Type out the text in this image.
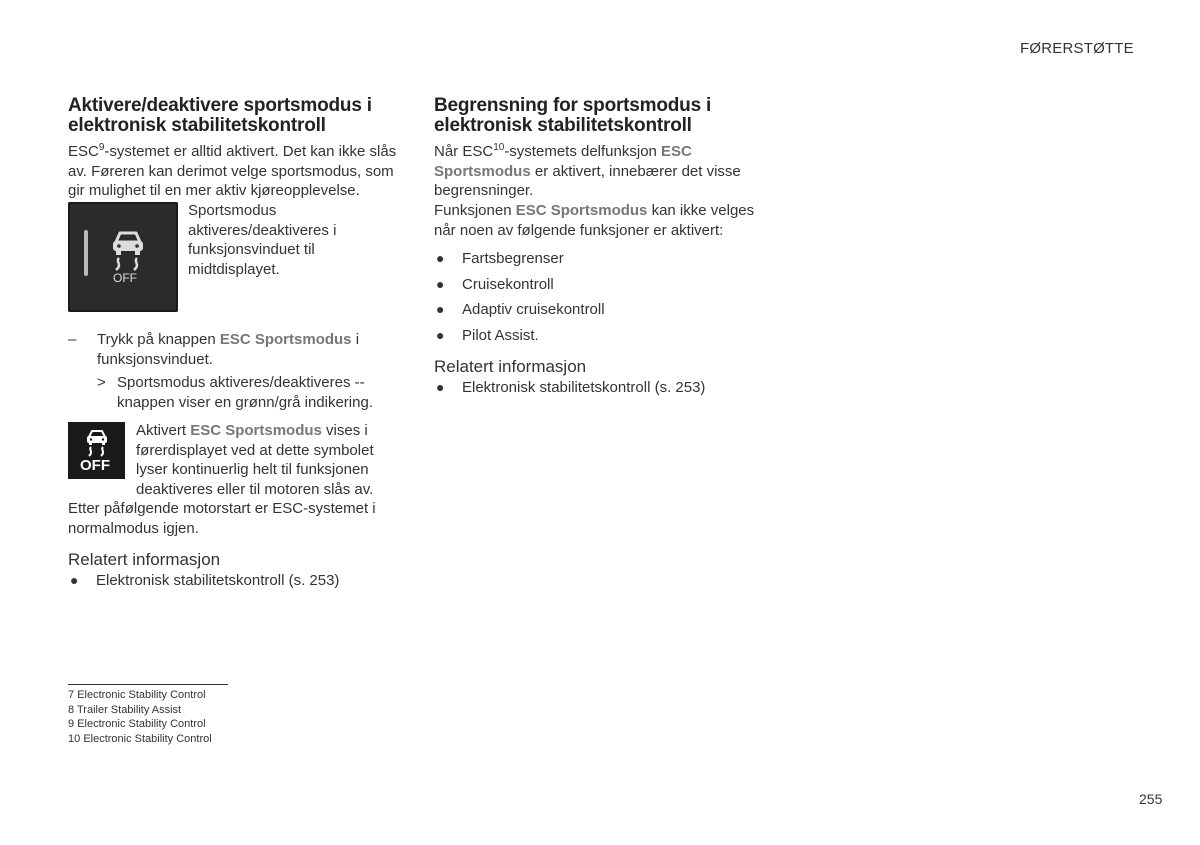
FØRERSTØTTE
Aktivere/deaktivere sportsmodus i elektronisk stabilitetskontroll

ESC$^9$-systemet er alltid aktivert. Det kan ikke slås av. Føreren kan derimot velge sportsmodus, som gir mulighet til en mer aktiv kjøreopplevelse.

OFF

Sportsmodus aktiveres/deaktiveres i funksjonsvinduet til midtdisplayet.

– Trykk på knappen ESC Sportsmodus i funksjonsvinduet.

> Sportsmodus aktiveres/deaktiveres -- knappen viser en grønn/grå indikering.

OFF

Aktivert ESC Sportsmodus vises i førerdisplayet ved at dette symbolet lyser kontinuerlig helt til funksjonen deaktiveres eller til motoren slås av.

Etter påfølgende motorstart er ESC-systemet i normalmodus igjen.

Relatert informasjon
● Elektronisk stabilitetskontroll (s. 253)
Begrensning for sportsmodus i elektronisk stabilitetskontroll

Når ESC$^{10}$-systemets delfunksjon ESC Sportsmodus er aktivert, innebærer det visse begrensninger.

Funksjonen ESC Sportsmodus kan ikke velges når noen av følgende funksjoner er aktivert:

● Fartsbegrenser
● Cruisekontroll
● Adaptiv cruisekontroll
● Pilot Assist.
Relatert informasjon
● Elektronisk stabilitetskontroll (s. 253)
7 Electronic Stability Control
8 Trailer Stability Assist
9 Electronic Stability Control
10 Electronic Stability Control
255
